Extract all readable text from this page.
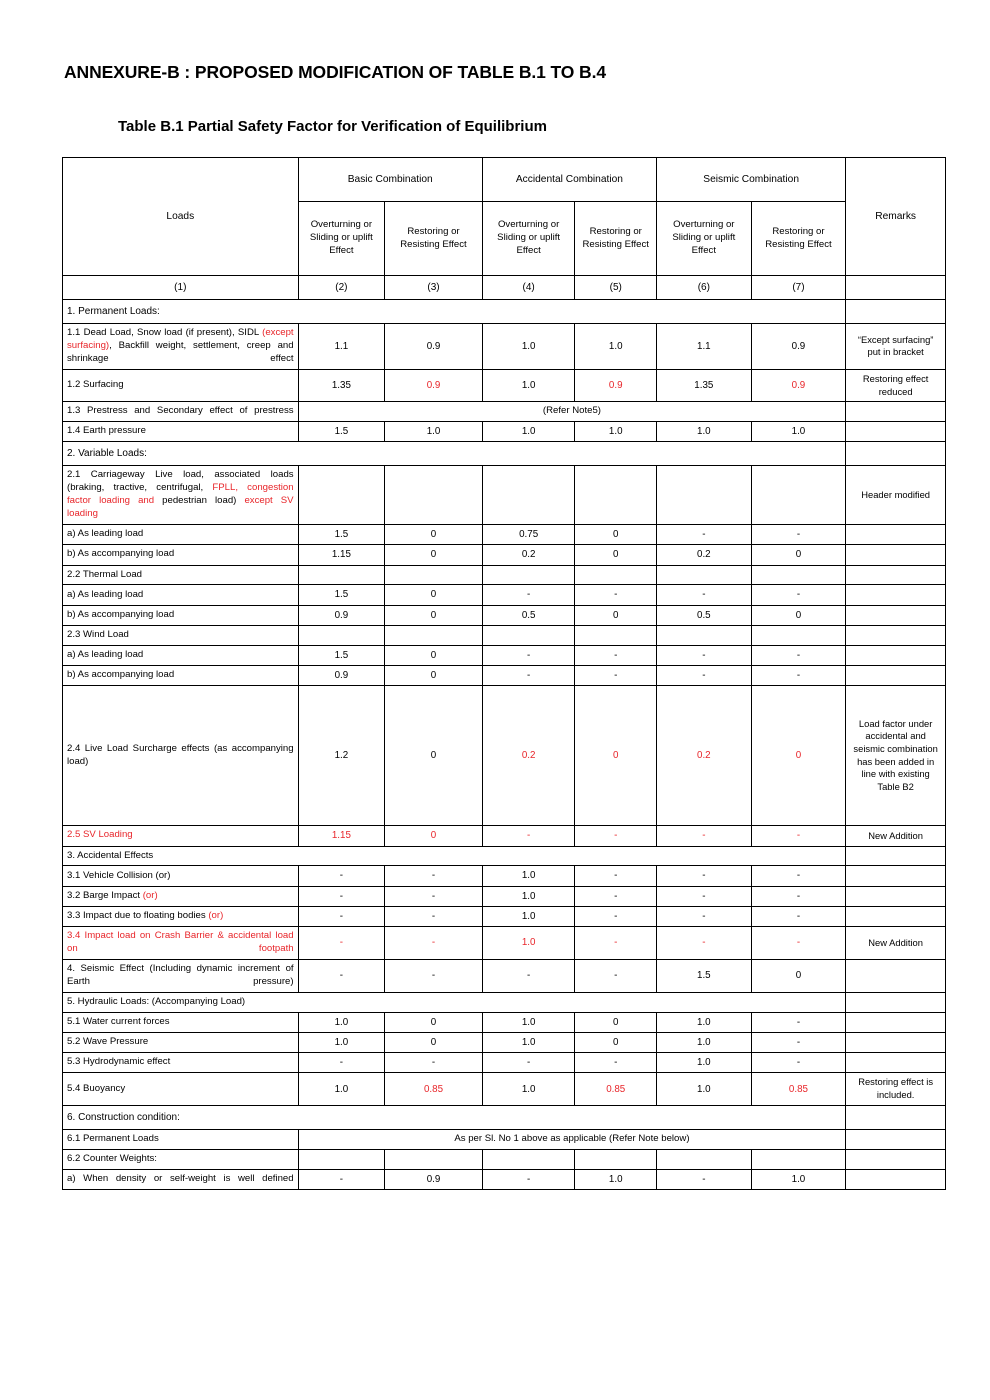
ANNEXURE-B : PROPOSED MODIFICATION OF TABLE B.1 TO B.4
Table B.1 Partial Safety Factor for Verification of Equilibrium
Loads	Basic Combination		Accidental Combination		Seismic Combination		Remarks
	Overturning or Sliding or uplift Effect	Restoring or Resisting Effect	Overturning or Sliding or uplift Effect	Restoring or Resisting Effect	Overturning or Sliding or uplift Effect	Restoring or Resisting Effect	
(1)	(2)	(3)	(4)	(5)	(6)	(7)	
1. Permanent Loads:							
1.1 Dead Load, Snow load (if present), SIDL (except surfacing), Backfill weight, settlement, creep and shrinkage effect	1.1	0.9	1.0	1.0	1.1	0.9	“Except surfacing” put in bracket
1.2 Surfacing	1.35	0.9	1.0	0.9	1.35	0.9	Restoring effect reduced
1.3 Prestress and Secondary effect of prestress	(Refer Note5)						
1.4 Earth pressure	1.5	1.0	1.0	1.0	1.0	1.0	
2. Variable Loads:							
2.1 Carriageway Live load, associated loads (braking, tractive, centrifugal, FPLL, congestion factor loading and pedestrian load) except SV loading							Header modified
a) As leading load	1.5	0	0.75	0	-	-	
b) As accompanying load	1.15	0	0.2	0	0.2	0	
2.2 Thermal Load							
a) As leading load	1.5	0	-	-	-	-	
b) As accompanying load	0.9	0	0.5	0	0.5	0	
2.3 Wind Load							
a) As leading load	1.5	0	-	-	-	-	
b) As accompanying load	0.9	0	-	-	-	-	
2.4 Live Load Surcharge effects (as accompanying load)	1.2	0	0.2	0	0.2	0	Load factor under accidental and seismic combination has been added in line with existing Table B2
2.5 SV Loading	1.15	0	-	-	-	-	New Addition
3. Accidental Effects							
3.1 Vehicle Collision (or)	-	-	1.0	-	-	-	
3.2 Barge Impact (or)	-	-	1.0	-	-	-	
3.3 Impact due to floating bodies (or)	-	-	1.0	-	-	-	
3.4 Impact load on Crash Barrier & accidental load on footpath	-	-	1.0	-	-	-	New Addition
4. Seismic Effect (Including dynamic increment of Earth pressure)	-	-	-	-	1.5	0	
5. Hydraulic Loads: (Accompanying Load)							
5.1 Water current forces	1.0	0	1.0	0	1.0	-	
5.2 Wave Pressure	1.0	0	1.0	0	1.0	-	
5.3 Hydrodynamic effect	-	-	-	-	1.0	-	
5.4 Buoyancy	1.0	0.85	1.0	0.85	1.0	0.85	Restoring effect is included.
6. Construction condition:							
6.1 Permanent Loads	As per Sl. No 1 above as applicable (Refer Note below)						
6.2 Counter Weights:							
a) When density or self-weight is well defined	-	0.9	-	1.0	-	1.0	
